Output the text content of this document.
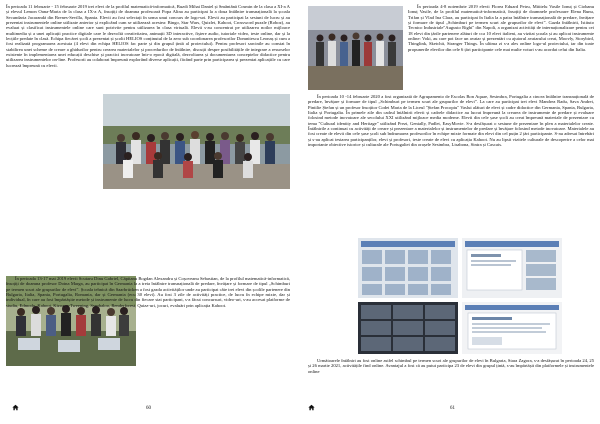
În perioada 11 februarie - 15 februarie 2019 trei elevi de la profilul matematică-informatică, Buzdi Mihai Daniel și Smântână Cosmin de la clasa a XI-a A și elevul Lemon Oana-Maria de la clasa a IX-a A, însoțiți de doamna profesoară Popa Alina au participat la a doua întâlnire transnațională la școala Secundaria Jacarandá din Brenes-Sevilla, Spania. Elevii au fost selectați în urma unui concurs de logo-uri. Elevii au participat la sesiuni de lucru și au prezentat instrumentele online utilizate anterior și explicând cum se utilizează acestea: Bingo, Star Wars, Quizlet, Kahoot, Crossword puzzle (Roboz), au evaluat și clasificat instrumentele online care sunt potrivite pentru utilizarea în clasa virtuală. Elevii s-au concentrat pe utilizarea noilor mijloace multimedia și a unei aplicații practice digitale care le dezvoltă creativitatea, animații 3D interactive, fișiere audio, tutoriale video, teste online, dar și la lecțiile predate în clasă. Echipa fiecărei școli a prezentat și școlii HELIOS conținutul de la zero sub coordonarea profesorilor Domnitescu Leonaș și cum a fost realizată programarea acestuia (4 elevi din echipa HELIOS fac parte și din grupul țintă al proiectului). Pentru profesori sarcinile au constat în stabilirea unei scheme de creare a ghidurilor pentru crearea materialelor și procedurilor de întâlnire, discuții despre posibilitățile de integrare a resurselor existente în implementarea unei educații deschise și practici inovatoare într-o epocă digitală, dezvoltarea și documentarea conceptelor didactice pentru utilizarea instrumentelor on-line. Profesorii au colaborat împreună explorând diverse aplicații, făcând parte prin participarea și prezentat aplicațiile cu care lucrează împreună cu elevii.

În perioada 13-17 mai 2019 elevii Scutaru Dinu Gabriel, Căpitanu Bogdan Alexandru și Coșoveanu Sebastian, de la profilul matematică-informatică, însoțiți de doamna profesor Doina Marga, au participat în Germania la a treia întâlnire transnațională de predare, învățare și formare de tipul „Schimburi pe termen scurt ale grupurilor de elevi”. Școala tehnică din Saarbrücken a fost gazda activităților unde au participat câte trei elevi din școlile partenere din Bulgaria, Italia, Spania, Portugalia, Romania, dar și Germania (ecu 30 elevi). Au fost 3 zile de activități practice, de lucru în echipe mixte, dar și individual, în care au fost împărtășite metode și instrumente de lucru din fiecare stat participant, s-a făcut concursuri, video-uri, s-au accesat platforme de studiu, Edmodo, Kahoot, Kizoa, e-Tweening, Symbaloo, Renderforest, Quizz-uri, jocuri, evaluări prin aplicația Kahoot.

60

În perioada 4-8 noiembrie 2019 elevii Florea Eduard Petru, Mititelu Vasile Ionuț și Ciobanu Ionuț Vasile, de la profilul matematică-informatică, însoțiți de doamnele profesoare Elena Bunu, Trifan și Vlad Ina Clara, au participat în Italia la a patra întâlnire transnațională de predare, învățare și formare de tipul „Schimburi pe termen scurt ale grupurilor de elevi”. Gazda întâlnirii, Istituto Tecnico Industriale"Augusto Righi" din Napoli, a organizat activități de internaționalizare pentru cei 18 elevi din țările partenere alături de cca 10 elevi italieni, au vizitat școala și au aplicat instrumente online: Voki, au care pot face un avatar și prezentări cu ajutorul avatarului creat, Moovly, Storybird, Thinglink, Sketchit, Stranger Things. În ultima zi s-a ales online logo-ul proiectului, iar din toate propunerile elevilor din cele 6 țări participante cele mai multe voturi s-au acordat celui din Italia.

În perioada 10 -14 februarie 2020 a fost organizată de Agrupamento de Escolas Bon Aquae, Sesimbra, Portugalia a cincea întâlnire transnațională de predare, învățare și formare de tipul „Schimburi pe termen scurt ale grupurilor de elevi”. La care au participat trei elevi Mandrea Radu, Sava Andrei, Pintilie Ștefan și un profesor însoțitor Codei Maria de la Liceul "Ștefan Procopiu" Vaslui alături de elevi și cadre didactice din Germania, Spania, Bulgaria, Italia și Portugalia. În primele zile din cadrul întâlnirii elevii și cadrele didactice au lucrat împreună la crearea de instrumente de predare și evaluare folosind metode inovatoare ale secolului XXI utilizând mijloace media moderne. Elevii din cele șase școli au creat împreună materiale de prezentare cu tema "Cultural identity and Heritage" utilizând Prezi, Genially, Padlet, EasyMovie. S-a desfășurat o sesiune de prezentare în plen a materialelor create. Întâlnirile a continuat cu activități de creare și prezentare a materialelor și instrumentelor de predare și învățare folosind metode inovatoare. Materialele au fost create de elevii din cele șase școli sub îndrumarea profesorilor în echipe mixte formate din elevi din cel puțin 2 țări participante. S-au adresat întrebări și s-au aplicat testarea participanților, elevi și profesori, teste create de elevi cu aplicația Kahoot. Nu au lipsit vizitele culturale de descoperire a celor mai importante obiective istorice și culturale ale Portugaliei din orașele Sesimbra, Lisabona, Sintra și Cascais.

Următoarele întâlniri au fost online astfel schimbul pe termen scurt ale grupurilor de elevi în Bulgaria, Stara Zagora, s-a desfășurat în perioada 24, 25 și 26 martie 2021, activitățile find online. Avantajul a fost că au putut participa 23 de elevi din grupul țintă, s-au împărtășit din platformele și instrumentele online

61
